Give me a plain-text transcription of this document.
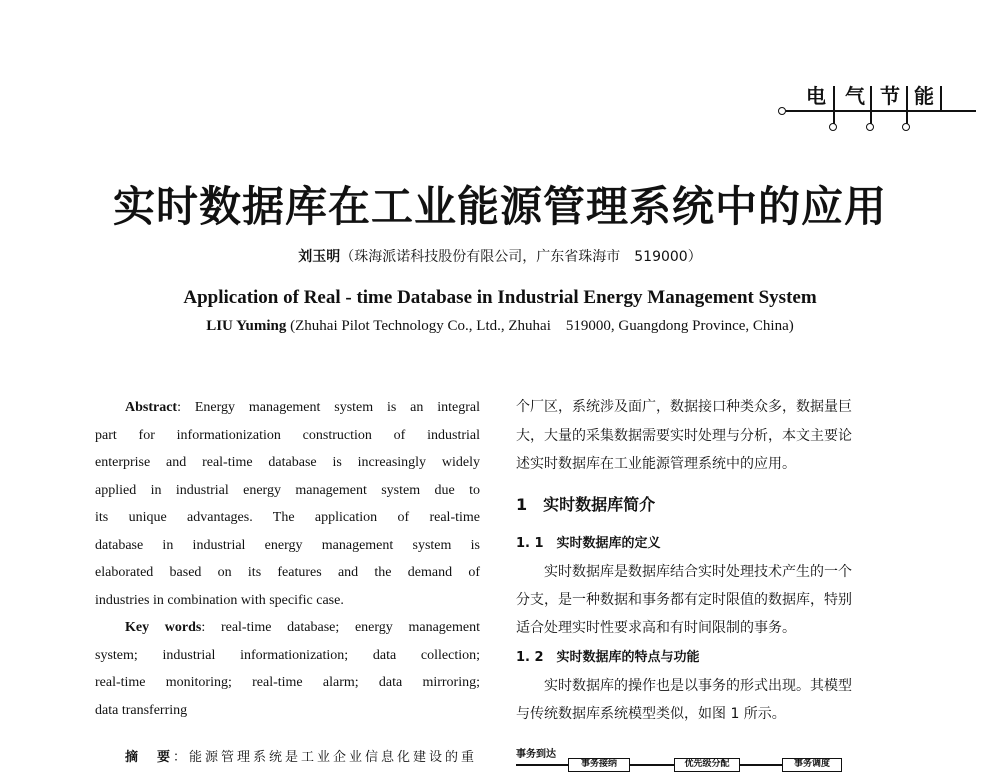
电 气 节 能
实时数据库在工业能源管理系统中的应用
刘玉明（珠海派诺科技股份有限公司，广东省珠海市　519000）
Application of Real - time Database in Industrial Energy Management System
LIU Yuming (Zhuhai Pilot Technology Co., Ltd., Zhuhai　519000, Guangdong Province, China)
Abstract: Energy management system is an integral
part for informationization construction of industrial
enterprise and real-time database is increasingly widely
applied in industrial energy management system due to
its unique advantages. The application of real-time
database in industrial energy management system is
elaborated based on its features and the demand of
industries in combination with specific case.
Key words: real-time database; energy management
system; industrial informationization; data collection;
real-time monitoring; real-time alarm; data mirroring;
data transferring
摘　要：能源管理系统是工业企业信息化建设的重
个厂区，系统涉及面广，数据接口种类众多，数据量巨
大，大量的采集数据需要实时处理与分析，本文主要论
述实时数据库在工业能源管理系统中的应用。
1　实时数据库简介
1. 1　实时数据库的定义
　　实时数据库是数据库结合实时处理技术产生的一个
分支，是一种数据和事务都有定时限值的数据库，特别
适合处理实时性要求高和有时间限制的事务。
1. 2　实时数据库的特点与功能
　　实时数据库的操作也是以事务的形式出现。其模型
与传统数据库系统模型类似，如图 1 所示。
事务到达
事务接纳	优先级分配	事务调度
